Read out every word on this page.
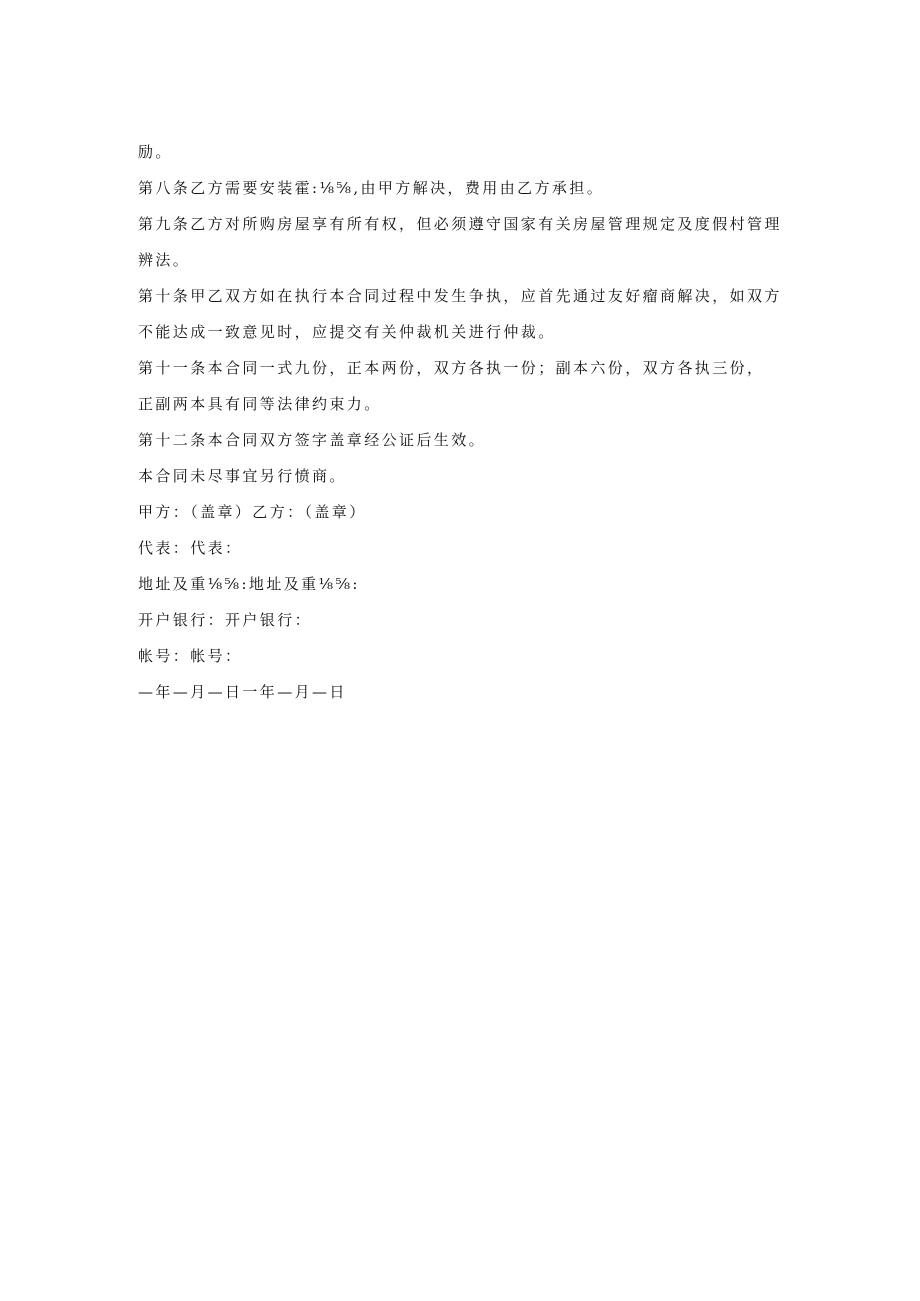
励。

第八条乙方需要安装霍:⅛⅝,由甲方解决，费用由乙方承担。

第九条乙方对所购房屋享有所有权，但必须遵守国家有关房屋管理规定及度假村管理

辨法。

第十条甲乙双方如在执行本合同过程中发生争执，应首先通过友好瘤商解决，如双方

不能达成一致意见时，应提交有关仲裁机关进行仲裁。

第十一条本合同一式九份，正本两份，双方各执一份；副本六份，双方各执三份，

正副两本具有同等法律约束力。

第十二条本合同双方签字盖章经公证后生效。

本合同未尽事宜另行愤商。

甲方：（盖章）乙方：（盖章）

代表：代表：

地址及重⅛⅝:地址及重⅛⅝:

开户银行：开户银行：

帐号：帐号：

—年—月—日一年—月—日
